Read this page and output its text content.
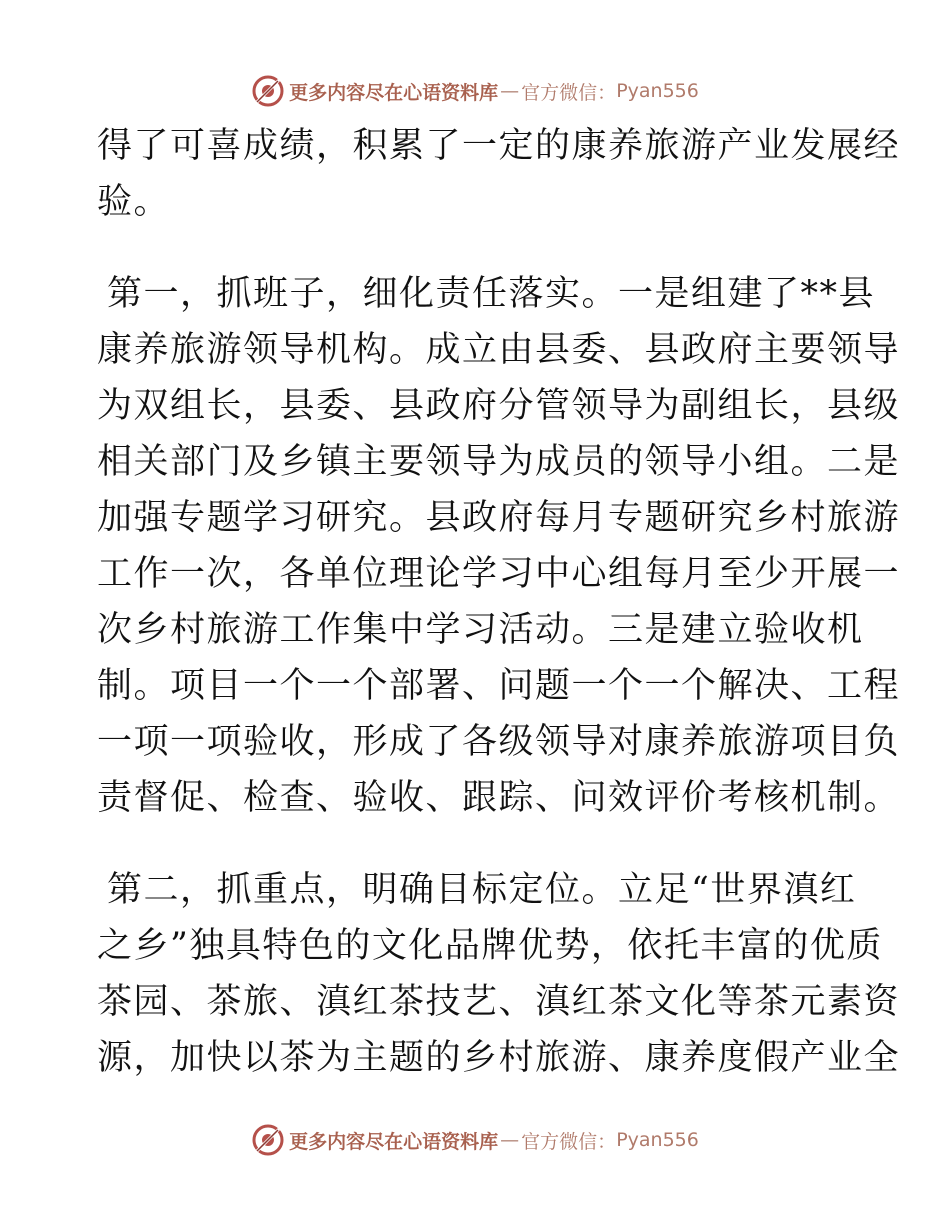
更多内容尽在心语资料库 — 官方微信： Pyan556
得了可喜成绩，积累了一定的康养旅游产业发展经
验。
第一，抓班子，细化责任落实。一是组建了**县
康养旅游领导机构。成立由县委、县政府主要领导
为双组长，县委、县政府分管领导为副组长，县级
相关部门及乡镇主要领导为成员的领导小组。二是
加强专题学习研究。县政府每月专题研究乡村旅游
工作一次，各单位理论学习中心组每月至少开展一
次乡村旅游工作集中学习活动。三是建立验收机
制。项目一个一个部署、问题一个一个解决、工程
一项一项验收，形成了各级领导对康养旅游项目负
责督促、检查、验收、跟踪、问效评价考核机制。
第二，抓重点，明确目标定位。立足“世界滇红
之乡”独具特色的文化品牌优势，依托丰富的优质
茶园、茶旅、滇红茶技艺、滇红茶文化等茶元素资
源，加快以茶为主题的乡村旅游、康养度假产业全
更多内容尽在心语资料库 — 官方微信： Pyan556
